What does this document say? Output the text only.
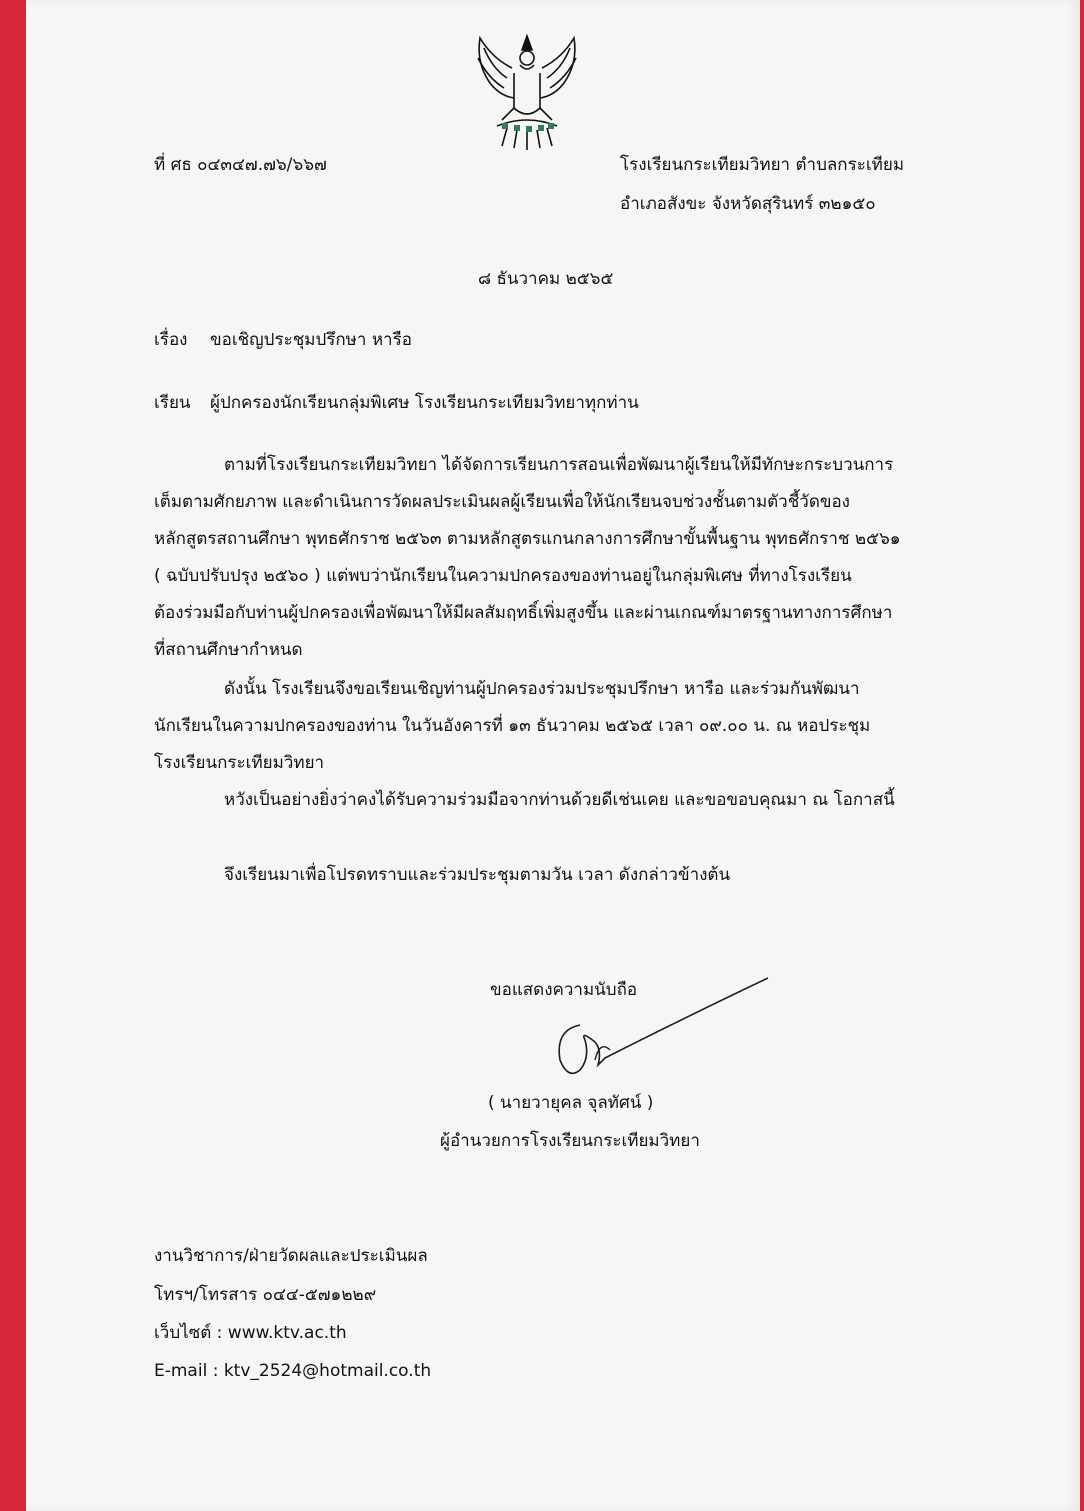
ที่ ศธ ๐๔๓๔๗.๗๖/๖๖๗	โรงเรียนกระเทียมวิทยา ตำบลกระเทียม
อำเภอสังขะ จังหวัดสุรินทร์ ๓๒๑๕๐
๘ ธันวาคม ๒๕๖๕
เรื่อง ขอเชิญประชุมปรึกษา หารือ
เรียน ผู้ปกครองนักเรียนกลุ่มพิเศษ โรงเรียนกระเทียมวิทยาทุกท่าน
ตามที่โรงเรียนกระเทียมวิทยา ได้จัดการเรียนการสอนเพื่อพัฒนาผู้เรียนให้มีทักษะกระบวนการ
เต็มตามศักยภาพ และดำเนินการวัดผลประเมินผลผู้เรียนเพื่อให้นักเรียนจบช่วงชั้นตามตัวชี้วัดของ
หลักสูตรสถานศึกษา พุทธศักราช ๒๕๖๓ ตามหลักสูตรแกนกลางการศึกษาขั้นพื้นฐาน พุทธศักราช ๒๕๖๑
( ฉบับปรับปรุง ๒๕๖๐ ) แต่พบว่านักเรียนในความปกครองของท่านอยู่ในกลุ่มพิเศษ ที่ทางโรงเรียน
ต้องร่วมมือกับท่านผู้ปกครองเพื่อพัฒนาให้มีผลสัมฤทธิ์เพิ่มสูงขึ้น และผ่านเกณฑ์มาตรฐานทางการศึกษา
ที่สถานศึกษากำหนด
ดังนั้น โรงเรียนจึงขอเรียนเชิญท่านผู้ปกครองร่วมประชุมปรึกษา หารือ และร่วมกันพัฒนา
นักเรียนในความปกครองของท่าน ในวันอังคารที่ ๑๓ ธันวาคม ๒๕๖๕ เวลา ๐๙.๐๐ น. ณ หอประชุม
โรงเรียนกระเทียมวิทยา
หวังเป็นอย่างยิ่งว่าคงได้รับความร่วมมือจากท่านด้วยดีเช่นเคย และขอขอบคุณมา ณ โอกาสนี้
จึงเรียนมาเพื่อโปรดทราบและร่วมประชุมตามวัน เวลา ดังกล่าวข้างต้น
ขอแสดงความนับถือ
( นายวายุคล จุลทัศน์ )
ผู้อำนวยการโรงเรียนกระเทียมวิทยา
งานวิชาการ/ฝ่ายวัดผลและประเมินผล
โทรฯ/โทรสาร ๐๔๔-๕๗๑๒๒๙
เว็บไซต์ : www.ktv.ac.th
E-mail : ktv_2524@hotmail.co.th
